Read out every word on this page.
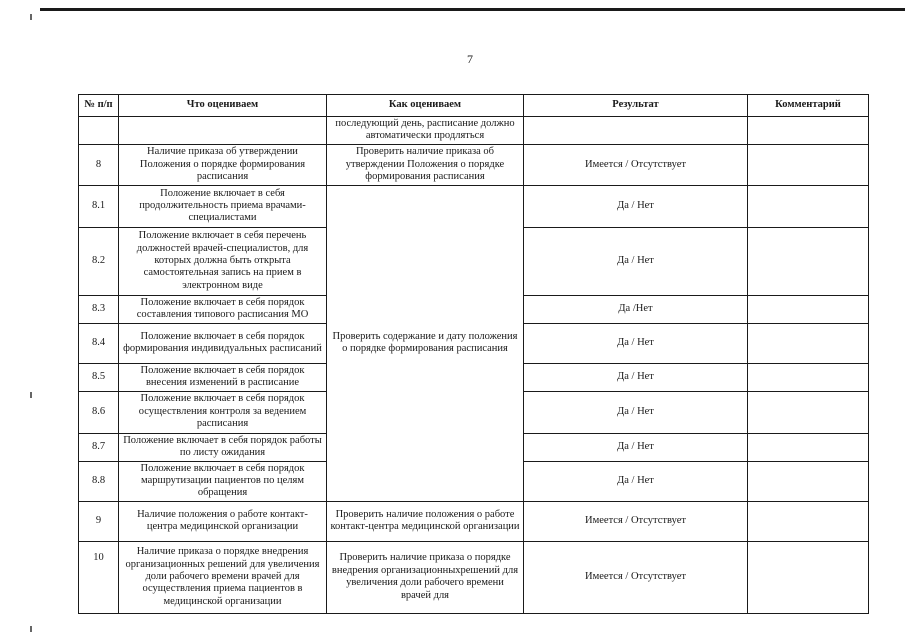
7
№ п/п	Что оцениваем	Как оцениваем	Результат	Комментарий
		последующий день, расписание должно автоматически продляться		
8	Наличие приказа об утверждении Положения о порядке формирования расписания	Проверить наличие приказа об утверждении Положения о порядке формирования расписания	Имеется / Отсутствует	
8.1	Положение включает в себя продолжительность приема врачами-специалистами	Проверить содержание и дату положения о порядке формирования расписания	Да / Нет	
8.2	Положение включает в себя перечень должностей врачей-специалистов, для которых должна быть открыта самостоятельная запись на прием в электронном виде		Да / Нет	
8.3	Положение включает в себя порядок составления типового расписания МО		Да /Нет	
8.4	Положение включает в себя порядок формирования индивидуальных расписаний		Да / Нет	
8.5	Положение включает в себя порядок внесения изменений в расписание		Да / Нет	
8.6	Положение включает в себя порядок осуществления контроля за ведением расписания		Да / Нет	
8.7	Положение включает в себя порядок работы по листу ожидания		Да / Нет	
8.8	Положение включает в себя порядок маршрутизации пациентов по целям обращения		Да / Нет	
9	Наличие положения о работе контакт-центра медицинской организации	Проверить наличие положения о работе контакт-центра медицинской организации	Имеется / Отсутствует	
10	Наличие приказа о порядке внедрения организационных решений для увеличения доли рабочего времени врачей для осуществления приема пациентов в медицинской организации	Проверить наличие приказа о порядке внедрения организационныхрешений для увеличения доли рабочего времени врачей для	Имеется / Отсутствует	
